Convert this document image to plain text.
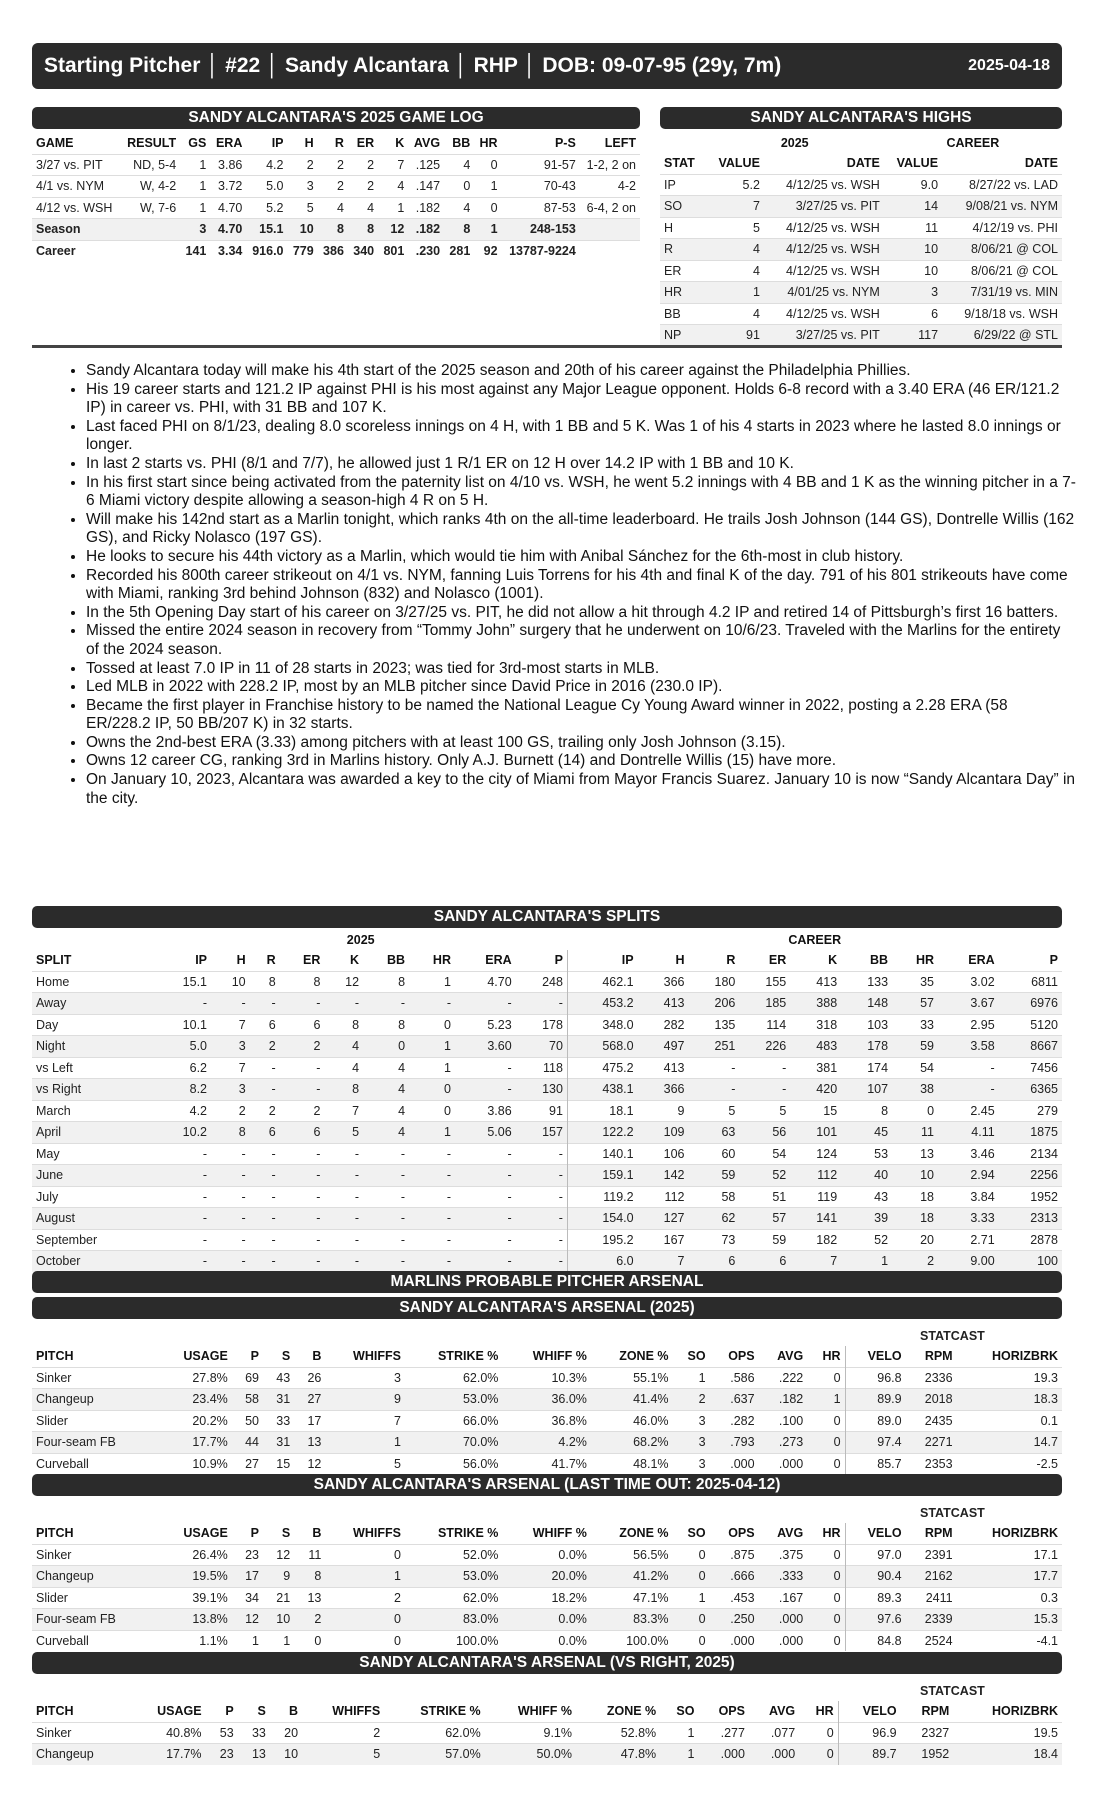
Starting Pitcher │ #22 │ Sandy Alcantara │ RHP │ DOB: 09-07-95 (29y, 7m)	2025-04-18
SANDY ALCANTARA'S 2025 GAME LOG
GAME	RESULT	GS	ERA	IP	H	R	ER	K	AVG	BB	HR	P-S	LEFT
3/27 vs. PIT	ND, 5-4	1	3.86	4.2	2	2	2	7	.125	4	0	91-57	1-2, 2 on
4/1 vs. NYM	W, 4-2	1	3.72	5.0	3	2	2	4	.147	0	1	70-43	4-2
4/12 vs. WSH	W, 7-6	1	4.70	5.2	5	4	4	1	.182	4	0	87-53	6-4, 2 on
Season		3	4.70	15.1	10	8	8	12	.182	8	1	248-153	
Career		141	3.34	916.0	779	386	340	801	.230	281	92	13787-9224	
SANDY ALCANTARA'S HIGHS
	2025		CAREER	
STAT	VALUE	DATE	VALUE	DATE
IP	5.2	4/12/25 vs. WSH	9.0	8/27/22 vs. LAD
SO	7	3/27/25 vs. PIT	14	9/08/21 vs. NYM
H	5	4/12/25 vs. WSH	11	4/12/19 vs. PHI
R	4	4/12/25 vs. WSH	10	8/06/21 @ COL
ER	4	4/12/25 vs. WSH	10	8/06/21 @ COL
HR	1	4/01/25 vs. NYM	3	7/31/19 vs. MIN
BB	4	4/12/25 vs. WSH	6	9/18/18 vs. WSH
NP	91	3/27/25 vs. PIT	117	6/29/22 @ STL
• Sandy Alcantara today will make his 4th start of the 2025 season and 20th of his career against the Philadelphia Phillies.
• His 19 career starts and 121.2 IP against PHI is his most against any Major League opponent. Holds 6-8 record with a 3.40 ERA (46 ER/121.2 IP) in career vs. PHI, with 31 BB and 107 K.
• Last faced PHI on 8/1/23, dealing 8.0 scoreless innings on 4 H, with 1 BB and 5 K. Was 1 of his 4 starts in 2023 where he lasted 8.0 innings or longer.
• In last 2 starts vs. PHI (8/1 and 7/7), he allowed just 1 R/1 ER on 12 H over 14.2 IP with 1 BB and 10 K.
• In his first start since being activated from the paternity list on 4/10 vs. WSH, he went 5.2 innings with 4 BB and 1 K as the winning pitcher in a 7-6 Miami victory despite allowing a season-high 4 R on 5 H.
• Will make his 142nd start as a Marlin tonight, which ranks 4th on the all-time leaderboard. He trails Josh Johnson (144 GS), Dontrelle Willis (162 GS), and Ricky Nolasco (197 GS).
• He looks to secure his 44th victory as a Marlin, which would tie him with Anibal Sánchez for the 6th-most in club history.
• Recorded his 800th career strikeout on 4/1 vs. NYM, fanning Luis Torrens for his 4th and final K of the day. 791 of his 801 strikeouts have come with Miami, ranking 3rd behind Johnson (832) and Nolasco (1001).
• In the 5th Opening Day start of his career on 3/27/25 vs. PIT, he did not allow a hit through 4.2 IP and retired 14 of Pittsburgh’s first 16 batters.
• Missed the entire 2024 season in recovery from “Tommy John” surgery that he underwent on 10/6/23. Traveled with the Marlins for the entirety of the 2024 season.
• Tossed at least 7.0 IP in 11 of 28 starts in 2023; was tied for 3rd-most starts in MLB.
• Led MLB in 2022 with 228.2 IP, most by an MLB pitcher since David Price in 2016 (230.0 IP).
• Became the first player in Franchise history to be named the National League Cy Young Award winner in 2022, posting a 2.28 ERA (58 ER/228.2 IP, 50 BB/207 K) in 32 starts.
• Owns the 2nd-best ERA (3.33) among pitchers with at least 100 GS, trailing only Josh Johnson (3.15).
• Owns 12 career CG, ranking 3rd in Marlins history. Only A.J. Burnett (14) and Dontrelle Willis (15) have more.
• On January 10, 2023, Alcantara was awarded a key to the city of Miami from Mayor Francis Suarez. January 10 is now “Sandy Alcantara Day” in the city.
SANDY ALCANTARA'S SPLITS
	2025									CAREER								
SPLIT	IP	H	R	ER	K	BB	HR	ERA	P	IP	H	R	ER	K	BB	HR	ERA	P
Home	15.1	10	8	8	12	8	1	4.70	248	462.1	366	180	155	413	133	35	3.02	6811
Away	-	-	-	-	-	-	-	-	-	453.2	413	206	185	388	148	57	3.67	6976
Day	10.1	7	6	6	8	8	0	5.23	178	348.0	282	135	114	318	103	33	2.95	5120
Night	5.0	3	2	2	4	0	1	3.60	70	568.0	497	251	226	483	178	59	3.58	8667
vs Left	6.2	7	-	-	4	4	1	-	118	475.2	413	-	-	381	174	54	-	7456
vs Right	8.2	3	-	-	8	4	0	-	130	438.1	366	-	-	420	107	38	-	6365
March	4.2	2	2	2	7	4	0	3.86	91	18.1	9	5	5	15	8	0	2.45	279
April	10.2	8	6	6	5	4	1	5.06	157	122.2	109	63	56	101	45	11	4.11	1875
May	-	-	-	-	-	-	-	-	-	140.1	106	60	54	124	53	13	3.46	2134
June	-	-	-	-	-	-	-	-	-	159.1	142	59	52	112	40	10	2.94	2256
July	-	-	-	-	-	-	-	-	-	119.2	112	58	51	119	43	18	3.84	1952
August	-	-	-	-	-	-	-	-	-	154.0	127	62	57	141	39	18	3.33	2313
September	-	-	-	-	-	-	-	-	-	195.2	167	73	59	182	52	20	2.71	2878
October	-	-	-	-	-	-	-	-	-	6.0	7	6	6	7	1	2	9.00	100
MARLINS PROBABLE PITCHER ARSENAL
SANDY ALCANTARA'S ARSENAL (2025)
STATCAST
PITCH	USAGE	P	S	B	WHIFFS	STRIKE %	WHIFF %	ZONE %	SO	OPS	AVG	HR	VELO	RPM	HORIZBRK
Sinker	27.8%	69	43	26	3	62.0%	10.3%	55.1%	1	.586	.222	0	96.8	2336	19.3
Changeup	23.4%	58	31	27	9	53.0%	36.0%	41.4%	2	.637	.182	1	89.9	2018	18.3
Slider	20.2%	50	33	17	7	66.0%	36.8%	46.0%	3	.282	.100	0	89.0	2435	0.1
Four-seam FB	17.7%	44	31	13	1	70.0%	4.2%	68.2%	3	.793	.273	0	97.4	2271	14.7
Curveball	10.9%	27	15	12	5	56.0%	41.7%	48.1%	3	.000	.000	0	85.7	2353	-2.5
SANDY ALCANTARA'S ARSENAL (LAST TIME OUT: 2025-04-12)
STATCAST
PITCH	USAGE	P	S	B	WHIFFS	STRIKE %	WHIFF %	ZONE %	SO	OPS	AVG	HR	VELO	RPM	HORIZBRK
Sinker	26.4%	23	12	11	0	52.0%	0.0%	56.5%	0	.875	.375	0	97.0	2391	17.1
Changeup	19.5%	17	9	8	1	53.0%	20.0%	41.2%	0	.666	.333	0	90.4	2162	17.7
Slider	39.1%	34	21	13	2	62.0%	18.2%	47.1%	1	.453	.167	0	89.3	2411	0.3
Four-seam FB	13.8%	12	10	2	0	83.0%	0.0%	83.3%	0	.250	.000	0	97.6	2339	15.3
Curveball	1.1%	1	1	0	0	100.0%	0.0%	100.0%	0	.000	.000	0	84.8	2524	-4.1
SANDY ALCANTARA'S ARSENAL (VS RIGHT, 2025)
STATCAST
PITCH	USAGE	P	S	B	WHIFFS	STRIKE %	WHIFF %	ZONE %	SO	OPS	AVG	HR	VELO	RPM	HORIZBRK
Sinker	40.8%	53	33	20	2	62.0%	9.1%	52.8%	1	.277	.077	0	96.9	2327	19.5
Changeup	17.7%	23	13	10	5	57.0%	50.0%	47.8%	1	.000	.000	0	89.7	1952	18.4
